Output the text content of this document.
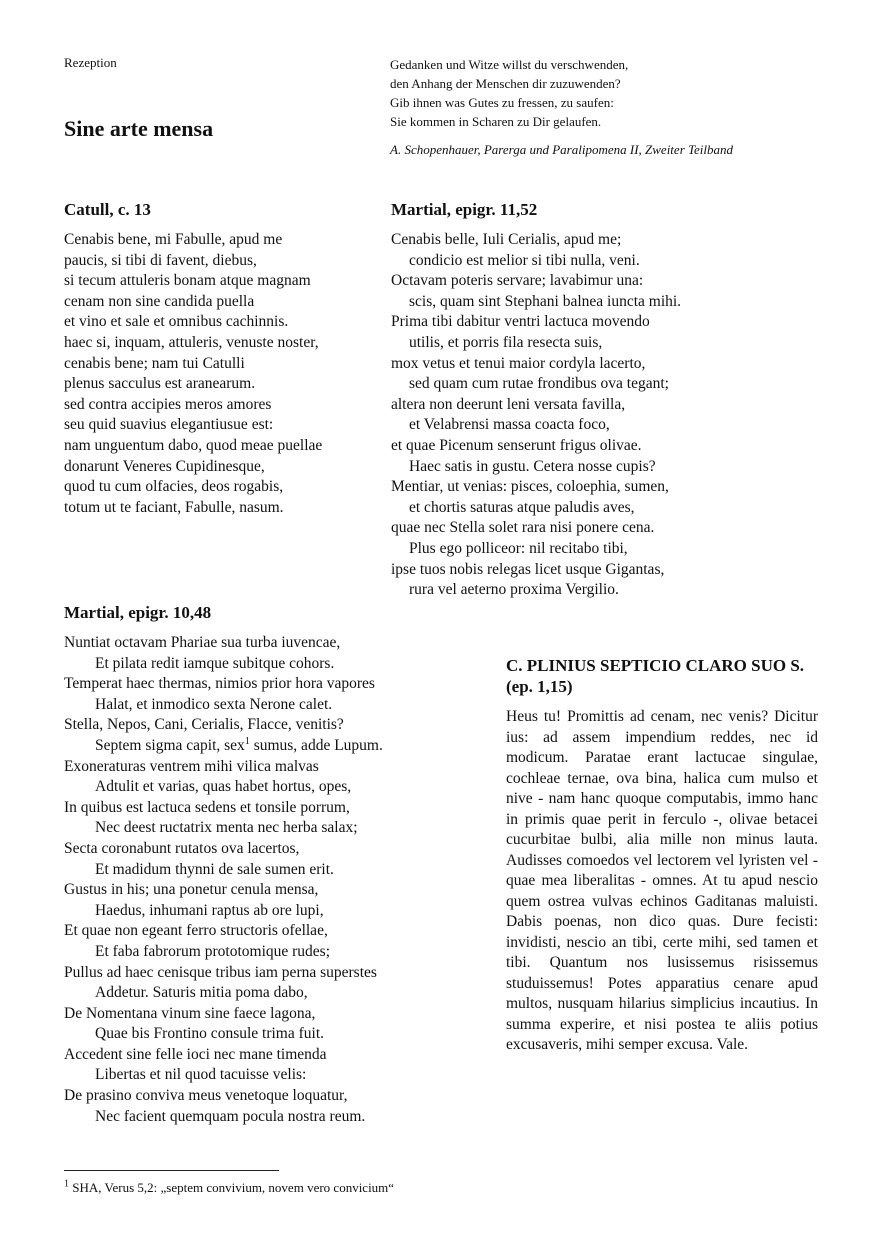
Rezeption
Sine arte mensa
Gedanken und Witze willst du verschwenden,
den Anhang der Menschen dir zuzuwenden?
Gib ihnen was Gutes zu fressen, zu saufen:
Sie kommen in Scharen zu Dir gelaufen.
A. Schopenhauer, Parerga und Paralipomena II, Zweiter Teilband
Catull, c. 13
Cenabis bene, mi Fabulle, apud me
paucis, si tibi di favent, diebus,
si tecum attuleris bonam atque magnam
cenam non sine candida puella
et vino et sale et omnibus cachinnis.
haec si, inquam, attuleris, venuste noster,
cenabis bene; nam tui Catulli
plenus sacculus est aranearum.
sed contra accipies meros amores
seu quid suavius elegantiusue est:
nam unguentum dabo, quod meae puellae
donarunt Veneres Cupidinesque,
quod tu cum olfacies, deos rogabis,
totum ut te faciant, Fabulle, nasum.
Martial, epigr. 11,52
Cenabis belle, Iuli Cerialis, apud me;
condicio est melior si tibi nulla, veni.
Octavam poteris servare; lavabimur una:
scis, quam sint Stephani balnea iuncta mihi.
Prima tibi dabitur ventri lactuca movendo
utilis, et porris fila resecta suis,
mox vetus et tenui maior cordyla lacerto,
sed quam cum rutae frondibus ova tegant;
altera non deerunt leni versata favilla,
et Velabrensi massa coacta foco,
et quae Picenum senserunt frigus olivae.
Haec satis in gustu. Cetera nosse cupis?
Mentiar, ut venias: pisces, coloephia, sumen,
et chortis saturas atque paludis aves,
quae nec Stella solet rara nisi ponere cena.
Plus ego polliceor: nil recitabo tibi,
ipse tuos nobis relegas licet usque Gigantas,
rura vel aeterno proxima Vergilio.
Martial, epigr. 10,48
Nuntiat octavam Phariae sua turba iuvencae,
Et pilata redit iamque subitque cohors.
Temperat haec thermas, nimios prior hora vapores
Halat, et inmodico sexta Nerone calet.
Stella, Nepos, Cani, Cerialis, Flacce, venitis?
Septem sigma capit, sex$^1$ sumus, adde Lupum.
Exoneraturas ventrem mihi vilica malvas
Adtulit et varias, quas habet hortus, opes,
In quibus est lactuca sedens et tonsile porrum,
Nec deest ructatrix menta nec herba salax;
Secta coronabunt rutatos ova lacertos,
Et madidum thynni de sale sumen erit.
Gustus in his; una ponetur cenula mensa,
Haedus, inhumani raptus ab ore lupi,
Et quae non egeant ferro structoris ofellae,
Et faba fabrorum prototomique rudes;
Pullus ad haec cenisque tribus iam perna superstes
Addetur. Saturis mitia poma dabo,
De Nomentana vinum sine faece lagona,
Quae bis Frontino consule trima fuit.
Accedent sine felle ioci nec mane timenda
Libertas et nil quod tacuisse velis:
De prasino conviva meus venetoque loquatur,
Nec facient quemquam pocula nostra reum.
C. PLINIUS SEPTICIO CLARO SUO S. (ep. 1,15)

Heus tu! Promittis ad cenam, nec venis? Dicitur ius: ad assem impendium reddes, nec id modicum. Paratae erant lactucae singulae, cochleae ternae, ova bina, halica cum mulso et nive - nam hanc quoque computabis, immo hanc in primis quae perit in ferculo -, olivae betacei cucurbitae bulbi, alia mille non minus lauta. Audisses comoedos vel lectorem vel lyristen vel - quae mea liberalitas - omnes. At tu apud nescio quem ostrea vulvas echinos Gaditanas maluisti. Dabis poenas, non dico quas. Dure fecisti: invidisti, nescio an tibi, certe mihi, sed tamen et tibi. Quantum nos lusissemus risissemus studuissemus! Potes apparatius cenare apud multos, nusquam hilarius simplicius incautius. In summa experire, et nisi postea te aliis potius excusaveris, mihi semper excusa. Vale.

$^1$ SHA, Verus 5,2: „septem convivium, novem vero convicium“
